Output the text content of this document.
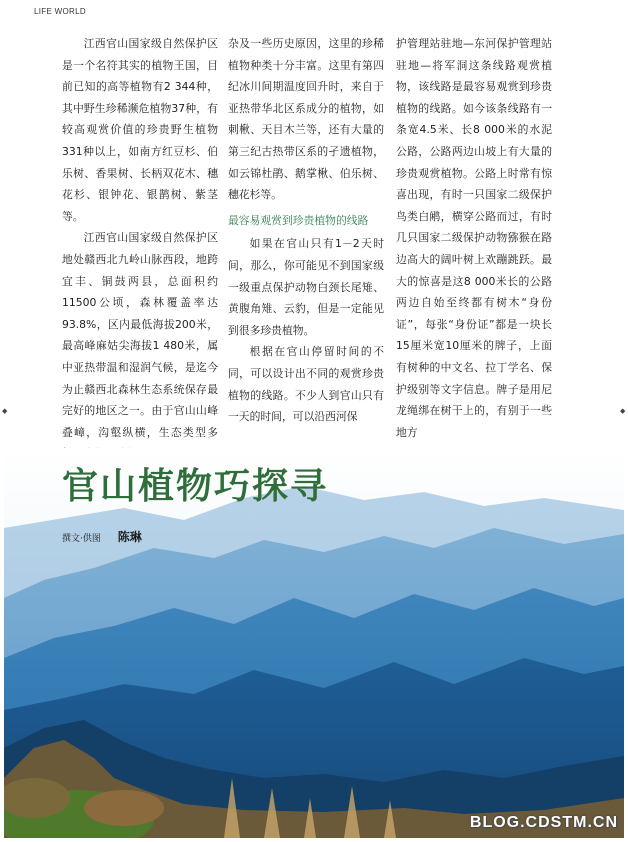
LIFE WORLD

江西官山国家级自然保护区是一个名符其实的植物王国，目前已知的高等植物有2 344种，其中野生珍稀濒危植物37种，有较高观赏价值的珍贵野生植物331种以上，如南方红豆杉、伯乐树、香果树、长柄双花木、穗花杉、银钟花、银鹊树、紫茎等。

江西官山国家级自然保护区地处赣西北九岭山脉西段，地跨宜丰、铜鼓两县，总面积约11500公顷，森林覆盖率达93.8%，区内最低海拔200米，最高峰麻姑尖海拔1 480米，属中亚热带温和湿润气候，是迄今为止赣西北森林生态系统保存最完好的地区之一。由于官山山峰叠嶂，沟壑纵横，生态类型多

杂及一些历史原因，这里的珍稀植物种类十分丰富。这里有第四纪冰川间期温度回升时，来自于亚热带华北区系成分的植物，如刺楸、天目木兰等，还有大量的第三纪古热带区系的孑遗植物，如云锦杜鹃、鹅掌楸、伯乐树、穗花杉等。

最容易观赏到珍贵植物的线路

如果在官山只有1－2天时间，那么，你可能见不到国家级一级重点保护动物白颈长尾雉、黄腹角雉、云豹，但是一定能见到很多珍贵植物。

根据在官山停留时间的不同，可以设计出不同的观赏珍贵植物的线路。不少人到官山只有一天的时间，可以沿西河保

护管理站驻地—东河保护管理站驻地—将军洞这条线路观赏植物，该线路是最容易观赏到珍贵植物的线路。如今该条线路有一条宽4.5米、长8 000米的水泥公路，公路两边山坡上有大量的珍贵观赏植物。公路上时常有惊喜出现，有时一只国家二级保护鸟类白鹇，横穿公路而过，有时几只国家二级保护动物猕猴在路边高大的阔叶树上欢蹦跳跃。最大的惊喜是这8 000米长的公路两边自始至终都有树木“身份证”，每张“身份证”都是一块长15厘米宽10厘米的牌子，上面有树种的中文名、拉丁学名、保护级别等文字信息。牌子是用尼龙绳绑在树干上的，有别于一些地方

◆	◆
官山植物巧探寻
撰文·供图 陈琳
BLOG.CDSTM.CN
